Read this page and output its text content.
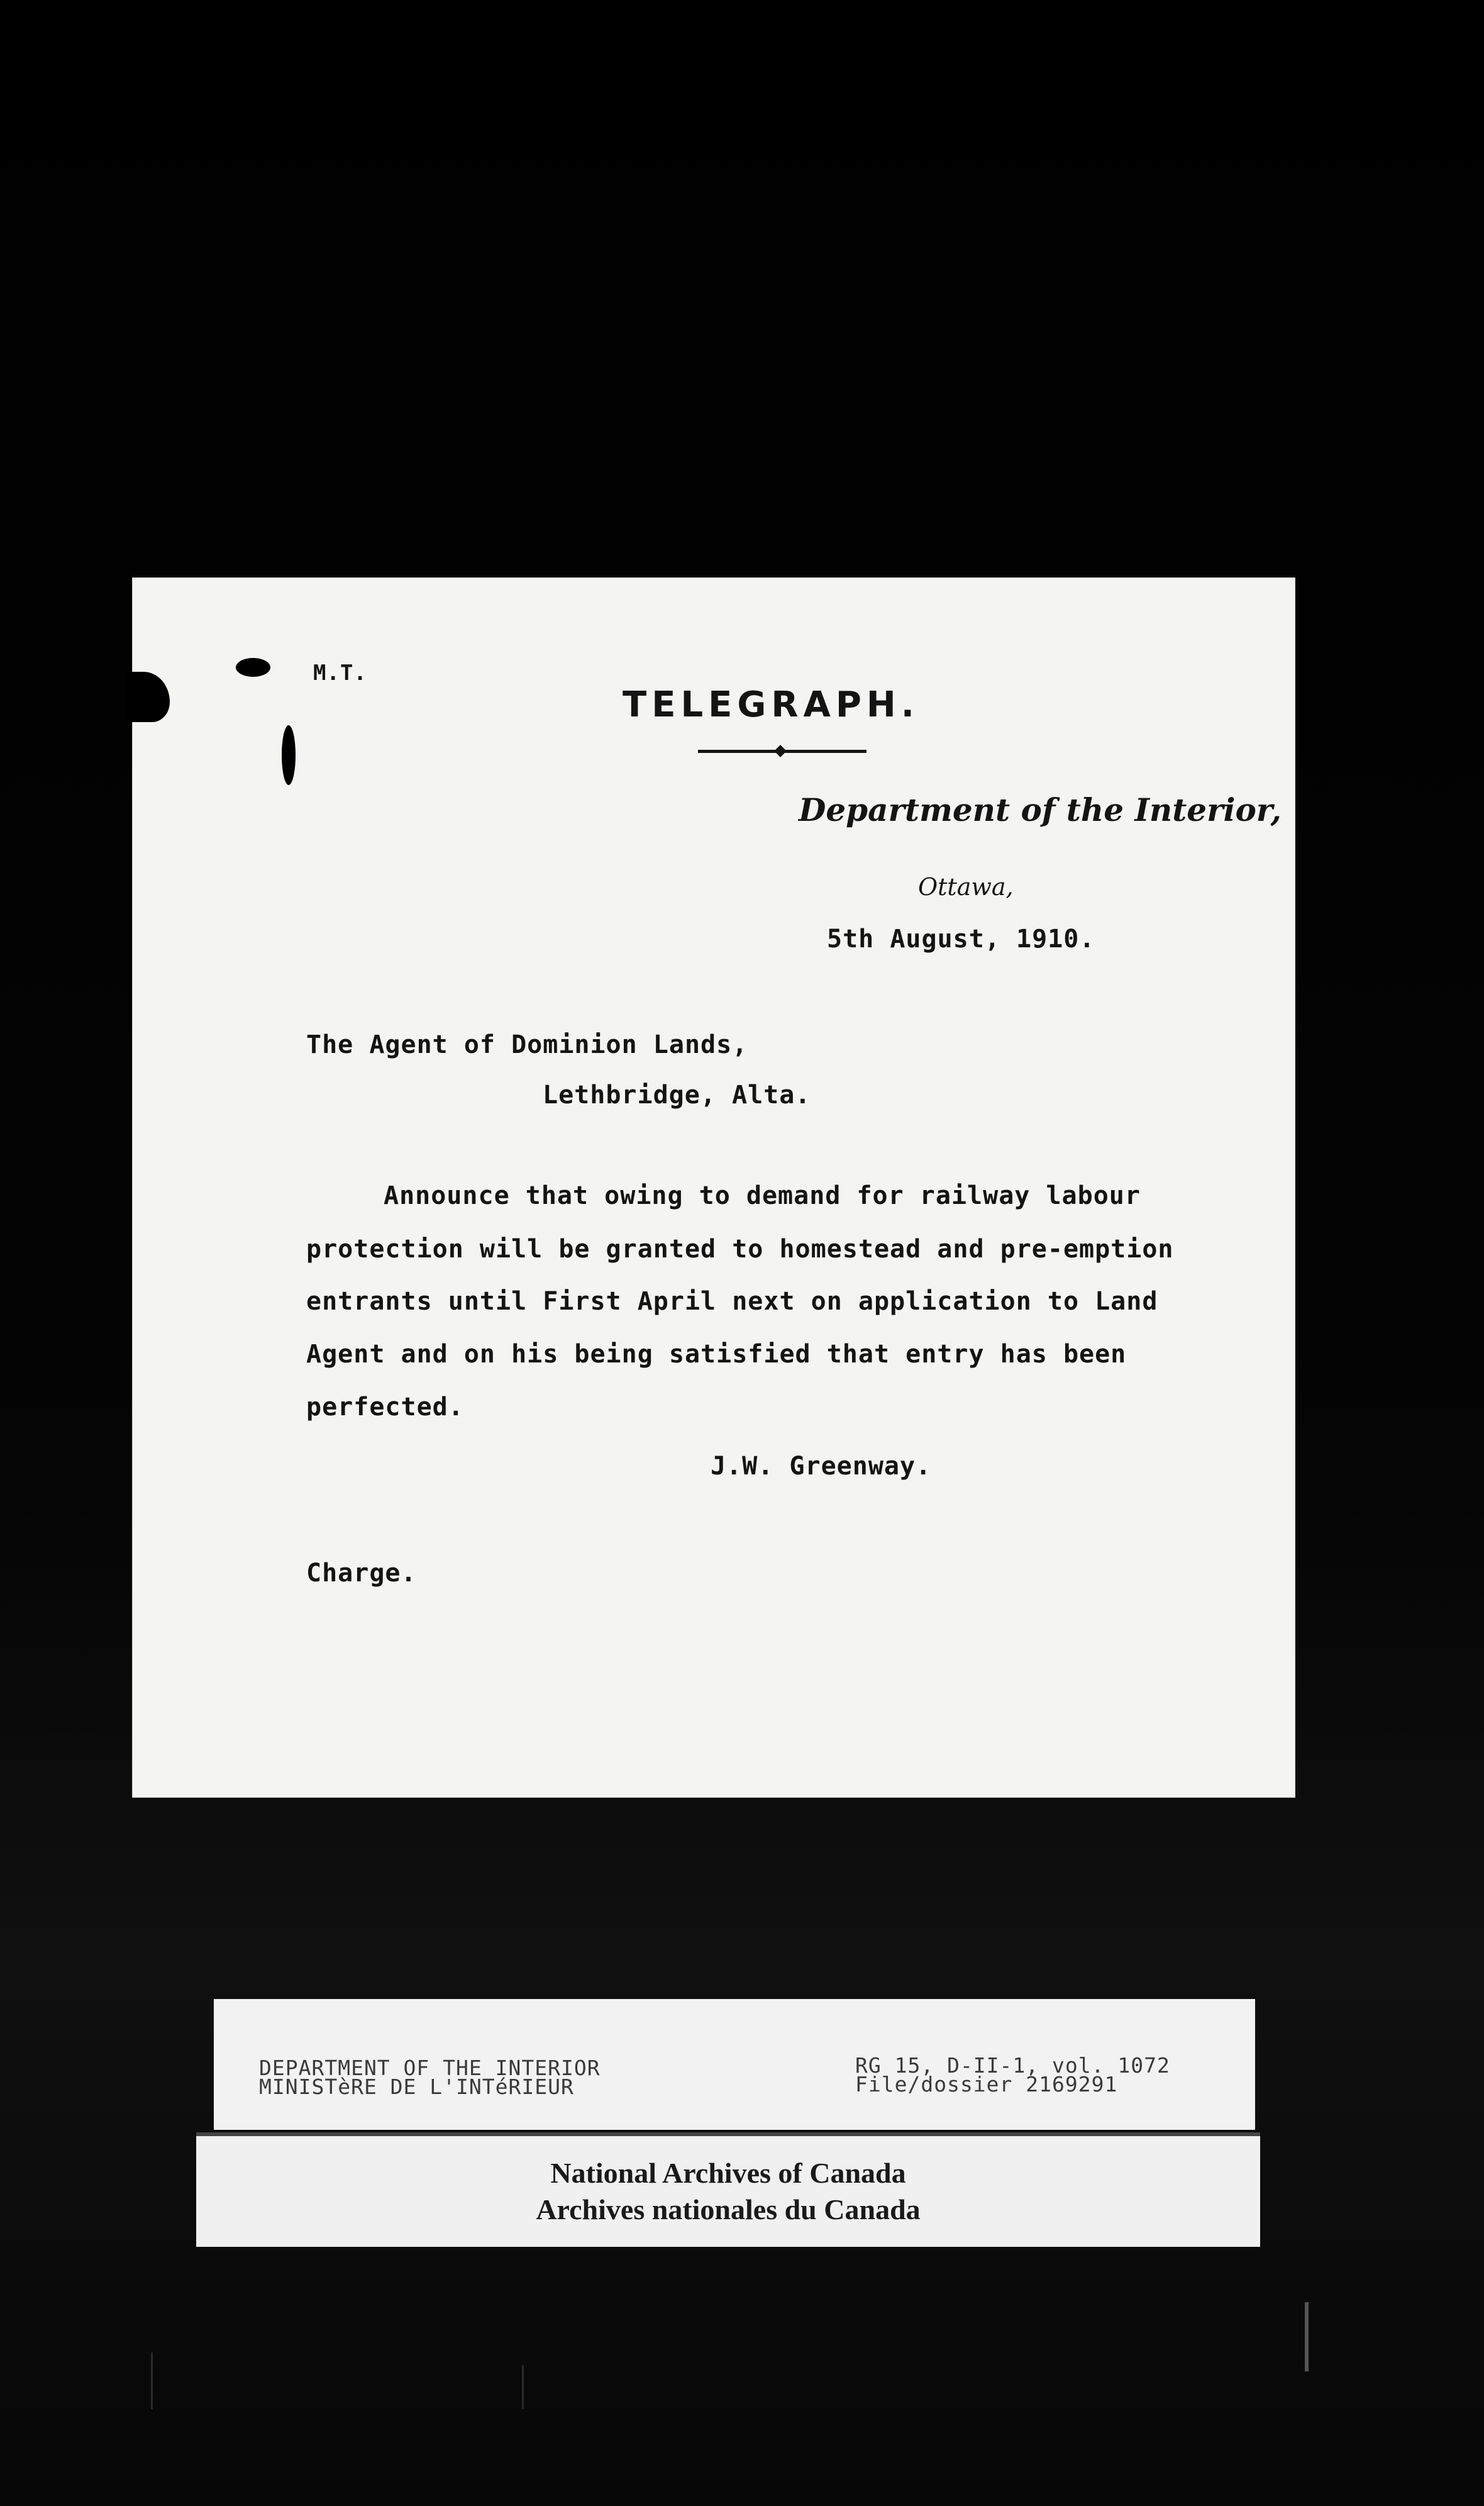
M.T.
TELEGRAPH.
Department of the Interior,
Ottawa,
5th August, 1910.
The Agent of Dominion Lands,
Lethbridge, Alta.
Announce that owing to demand for railway labour
protection will be granted to homestead and pre-emption
entrants until First April next on application to Land
Agent and on his being satisfied that entry has been
perfected.
J.W. Greenway.
Charge.
DEPARTMENT OF THE INTERIOR
MINISTèRE DE L'INTéRIEUR
RG 15, D-II-1, vol. 1072
File/dossier 2169291
National Archives of Canada
Archives nationales du Canada
